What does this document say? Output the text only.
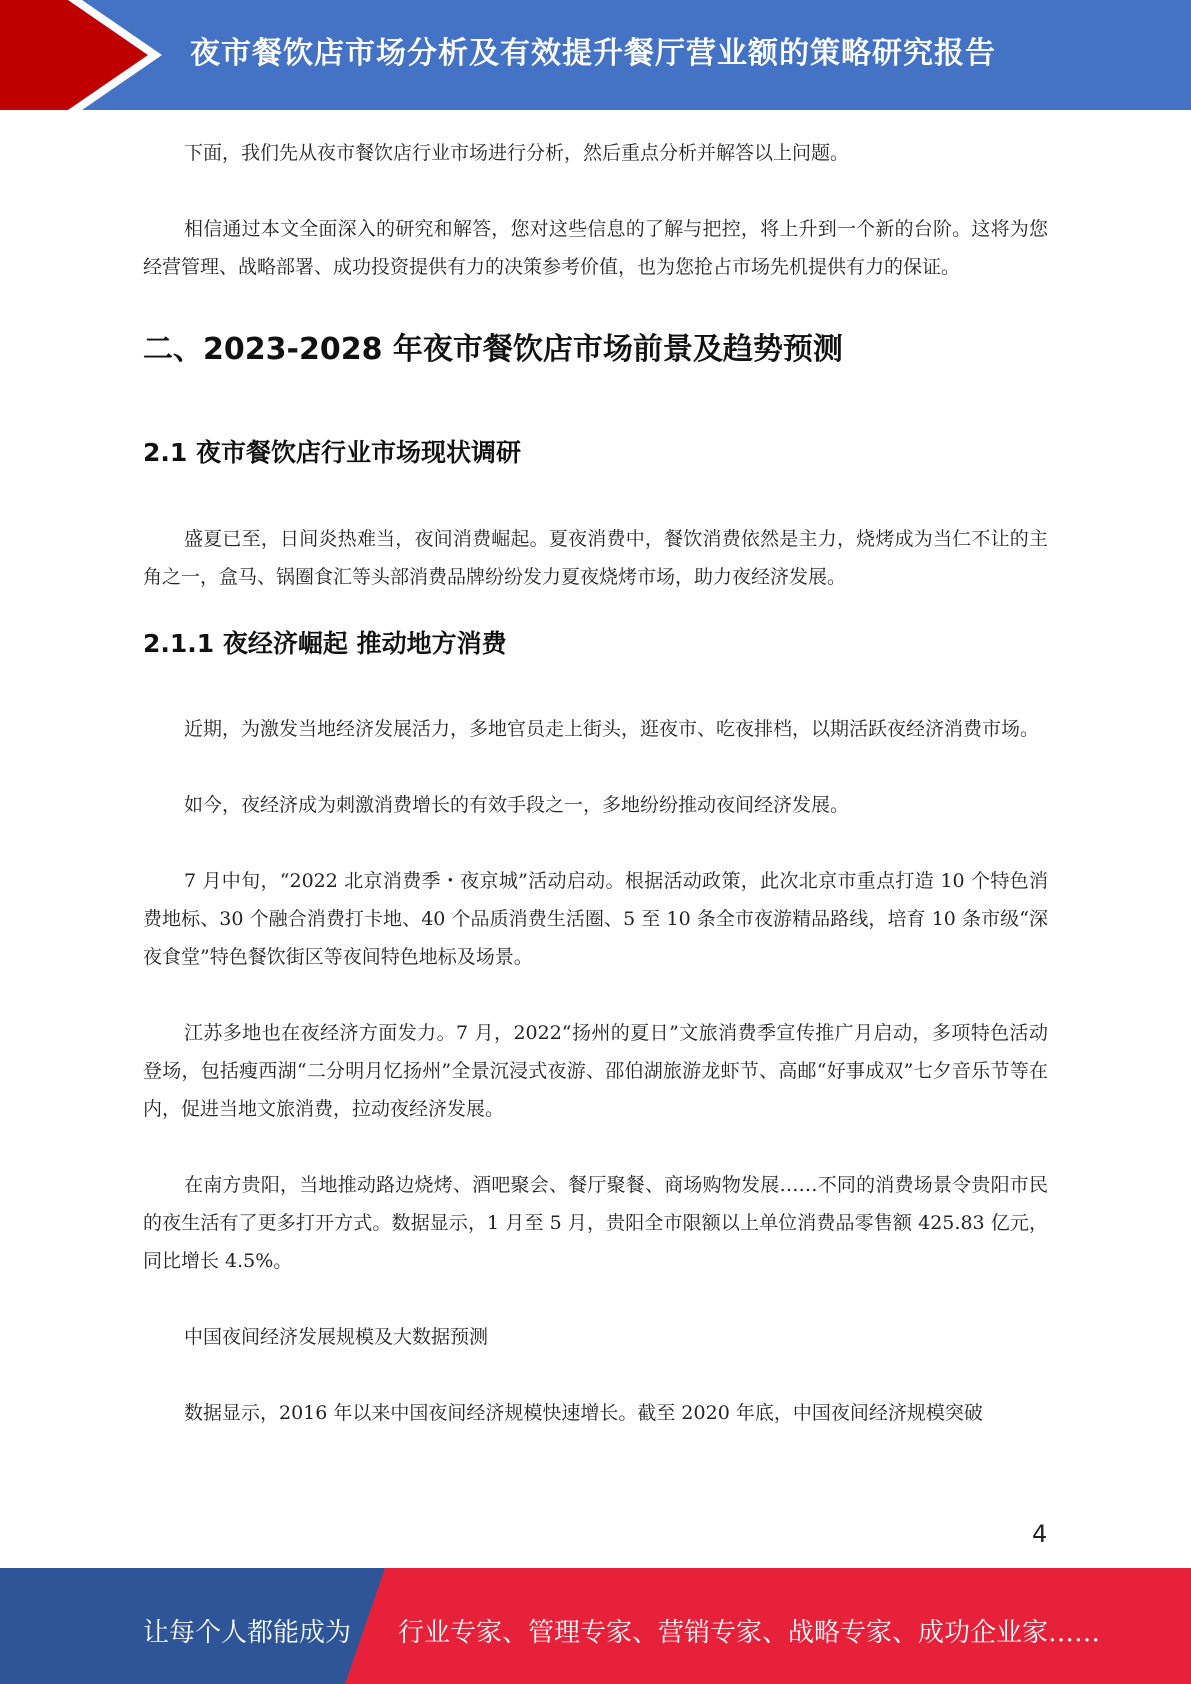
夜市餐饮店市场分析及有效提升餐厅营业额的策略研究报告

下面，我们先从夜市餐饮店行业市场进行分析，然后重点分析并解答以上问题。

相信通过本文全面深入的研究和解答，您对这些信息的了解与把控，将上升到一个新的台阶。这将为您经营管理、战略部署、成功投资提供有力的决策参考价值，也为您抢占市场先机提供有力的保证。

二、2023-2028 年夜市餐饮店市场前景及趋势预测
2.1 夜市餐饮店行业市场现状调研

盛夏已至，日间炎热难当，夜间消费崛起。夏夜消费中，餐饮消费依然是主力，烧烤成为当仁不让的主角之一，盒马、锅圈食汇等头部消费品牌纷纷发力夏夜烧烤市场，助力夜经济发展。

2.1.1 夜经济崛起 推动地方消费

近期，为激发当地经济发展活力，多地官员走上街头，逛夜市、吃夜排档，以期活跃夜经济消费市场。

如今，夜经济成为刺激消费增长的有效手段之一，多地纷纷推动夜间经济发展。

7 月中旬，“2022 北京消费季・夜京城”活动启动。根据活动政策，此次北京市重点打造 10 个特色消费地标、30 个融合消费打卡地、40 个品质消费生活圈、5 至 10 条全市夜游精品路线，培育 10 条市级“深夜食堂”特色餐饮街区等夜间特色地标及场景。

江苏多地也在夜经济方面发力。7 月，2022“扬州的夏日”文旅消费季宣传推广月启动，多项特色活动登场，包括瘦西湖“二分明月忆扬州”全景沉浸式夜游、邵伯湖旅游龙虾节、高邮“好事成双”七夕音乐节等在内，促进当地文旅消费，拉动夜经济发展。

在南方贵阳，当地推动路边烧烤、酒吧聚会、餐厅聚餐、商场购物发展……不同的消费场景令贵阳市民的夜生活有了更多打开方式。数据显示，1 月至 5 月，贵阳全市限额以上单位消费品零售额 425.83 亿元，同比增长 4.5%。

中国夜间经济发展规模及大数据预测

数据显示，2016 年以来中国夜间经济规模快速增长。截至 2020 年底，中国夜间经济规模突破

4
让每个人都能成为 行业专家、管理专家、营销专家、战略专家、成功企业家……
